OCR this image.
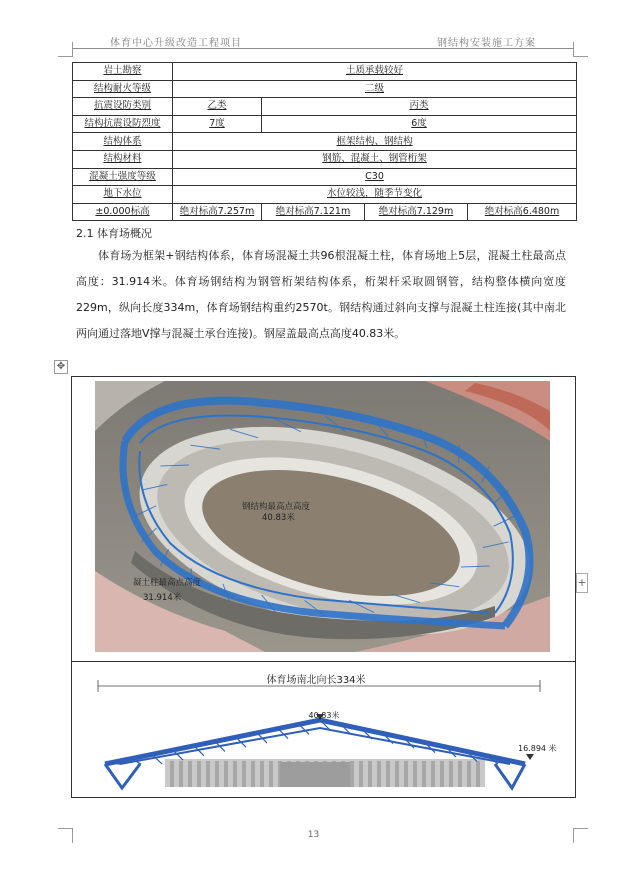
体育中心升级改造工程项目	钢结构安装施工方案
岩土勘察	土质承载较好			
结构耐火等级	二级			
抗震设防类别	乙类	丙类		
结构抗震设防烈度	7度	6度		
结构体系	框架结构、钢结构			
结构材料	钢筋、混凝土、钢管桁架			
混凝土强度等级	C30			
地下水位	水位较浅，随季节变化			
±0.000标高	绝对标高7.257m	绝对标高7.121m	绝对标高7.129m	绝对标高6.480m
2.1 体育场概况
体育场为框架+钢结构体系，体育场混凝土共96根混凝土柱，体育场地上5层，混凝土柱最高点高度：31.914米。体育场钢结构为钢管桁架结构体系，桁架杆采取圆钢管，结构整体横向宽度229m，纵向长度334m，体育场钢结构重约2570t。钢结构通过斜向支撑与混凝土柱连接(其中南北两向通过落地V撑与混凝土承台连接)。钢屋盖最高点高度40.83米。
✥
钢结构最高点高度
40.83米
凝土柱最高点高度
31.914米
体育场南北向长334米
40.83米
16.894 米
+
13
